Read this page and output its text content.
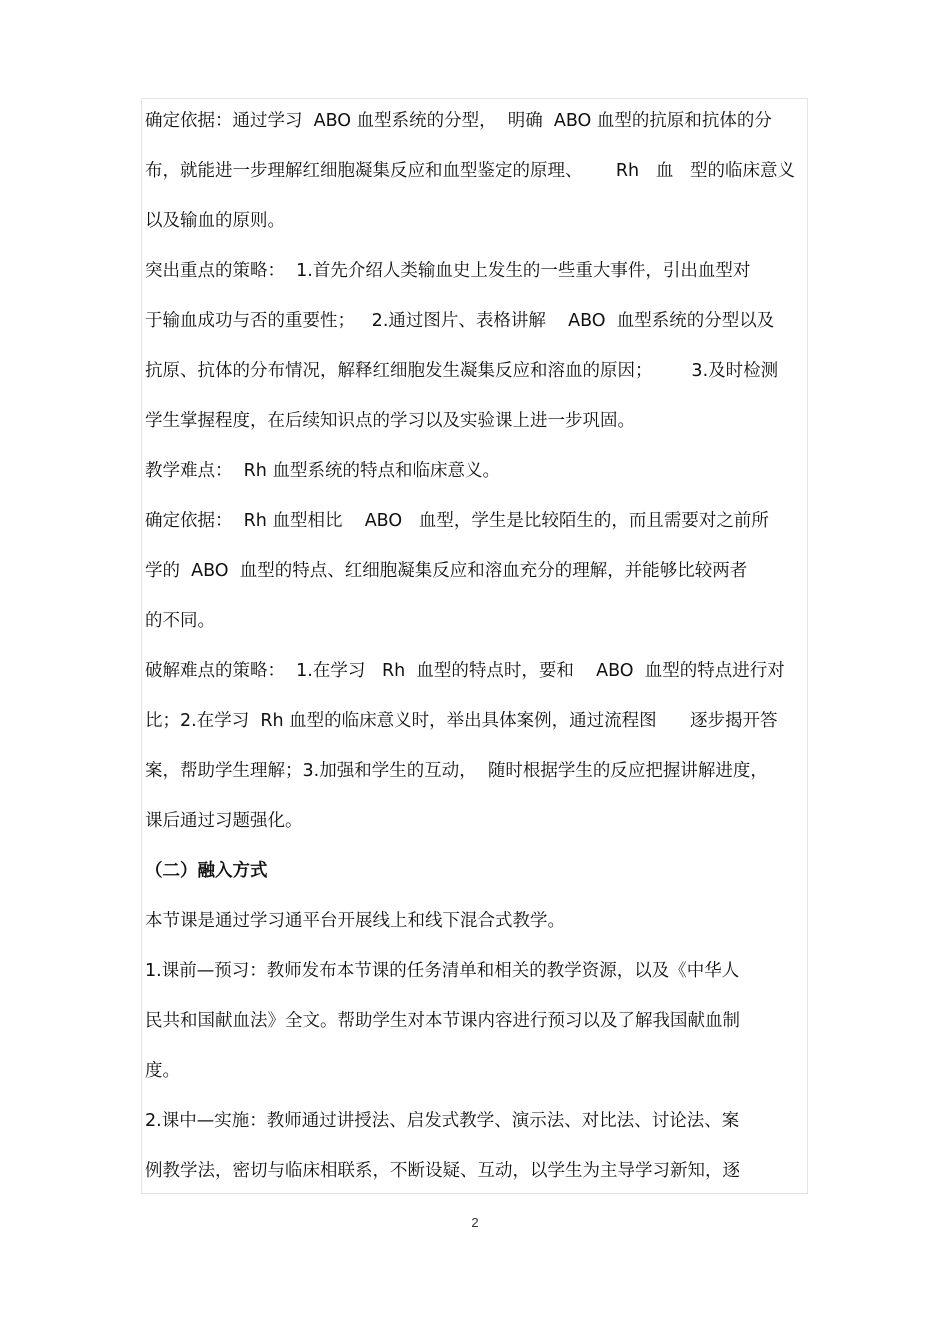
确定依据：通过学习  ABO 血型系统的分型，  明确  ABO 血型的抗原和抗体的分
布，就能进一步理解红细胞凝集反应和血型鉴定的原理、      Rh   血   型的临床意义
以及输血的原则。
突出重点的策略：  1.首先介绍人类输血史上发生的一些重大事件，引出血型对
于输血成功与否的重要性；   2.通过图片、表格讲解    ABO  血型系统的分型以及
抗原、抗体的分布情况，解释红细胞发生凝集反应和溶血的原因；       3.及时检测
学生掌握程度，在后续知识点的学习以及实验课上进一步巩固。
教学难点：  Rh 血型系统的特点和临床意义。
确定依据：  Rh 血型相比    ABO   血型，学生是比较陌生的，而且需要对之前所
学的  ABO  血型的特点、红细胞凝集反应和溶血充分的理解，并能够比较两者
的不同。
破解难点的策略：  1.在学习   Rh  血型的特点时，要和    ABO  血型的特点进行对
比；2.在学习  Rh 血型的临床意义时，举出具体案例，通过流程图      逐步揭开答
案，帮助学生理解；3.加强和学生的互动，  随时根据学生的反应把握讲解进度，
课后通过习题强化。
（二）融入方式
本节课是通过学习通平台开展线上和线下混合式教学。
1.课前—预习：教师发布本节课的任务清单和相关的教学资源，以及《中华人
民共和国献血法》全文。帮助学生对本节课内容进行预习以及了解我国献血制
度。
2.课中—实施：教师通过讲授法、启发式教学、演示法、对比法、讨论法、案
例教学法，密切与临床相联系，不断设疑、互动，以学生为主导学习新知，逐
2
